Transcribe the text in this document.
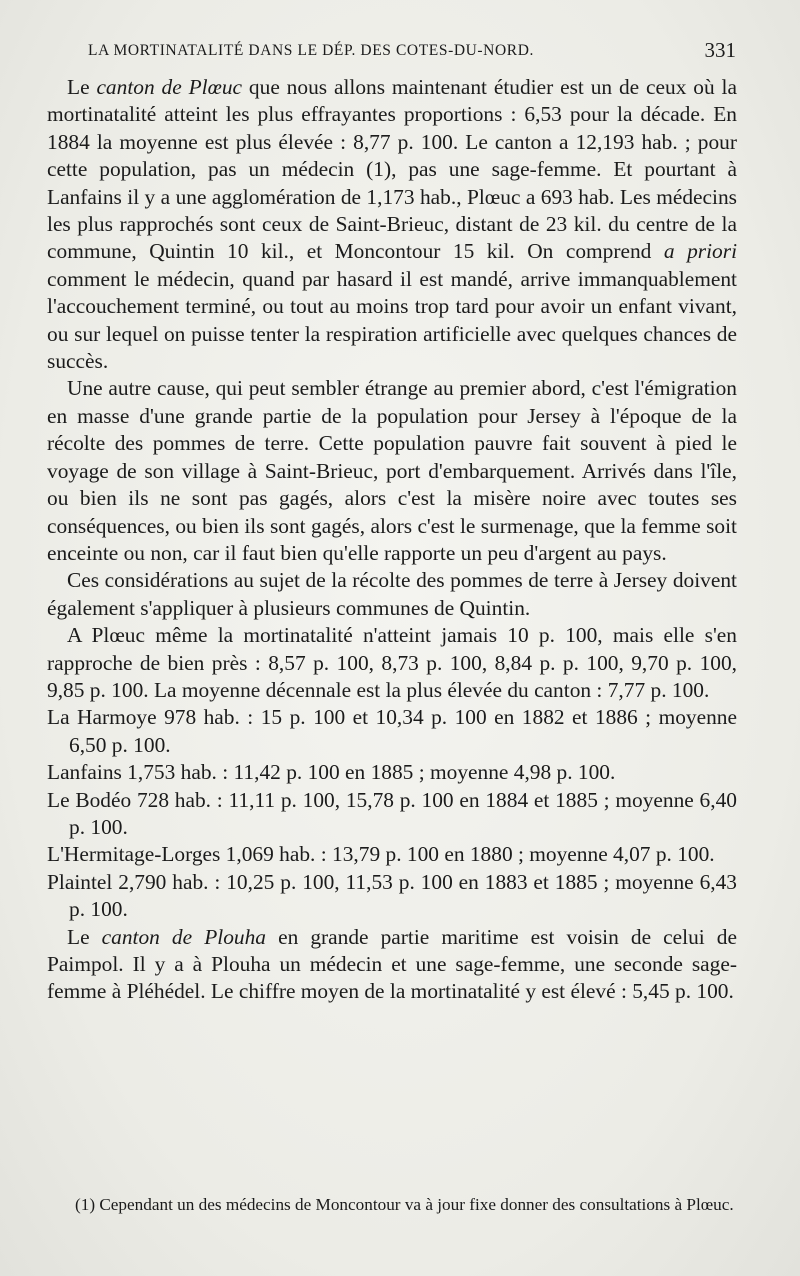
LA MORTINATALITÉ DANS LE DÉP. DES COTES-DU-NORD.	331

Le canton de Plœuc que nous allons maintenant étudier est un de ceux où la mortinatalité atteint les plus effrayantes proportions : 6,53 pour la décade. En 1884 la moyenne est plus élevée : 8,77 p. 100. Le canton a 12,193 hab. ; pour cette population, pas un médecin (1), pas une sage-femme. Et pourtant à Lanfains il y a une agglomération de 1,173 hab., Plœuc a 693 hab. Les médecins les plus rapprochés sont ceux de Saint-Brieuc, distant de 23 kil. du centre de la commune, Quintin 10 kil., et Moncontour 15 kil. On comprend a priori comment le médecin, quand par hasard il est mandé, arrive immanquablement l'accouchement terminé, ou tout au moins trop tard pour avoir un enfant vivant, ou sur lequel on puisse tenter la respiration artificielle avec quelques chances de succès.

Une autre cause, qui peut sembler étrange au premier abord, c'est l'émigration en masse d'une grande partie de la population pour Jersey à l'époque de la récolte des pommes de terre. Cette population pauvre fait souvent à pied le voyage de son village à Saint-Brieuc, port d'embarquement. Arrivés dans l'île, ou bien ils ne sont pas gagés, alors c'est la misère noire avec toutes ses conséquences, ou bien ils sont gagés, alors c'est le surmenage, que la femme soit enceinte ou non, car il faut bien qu'elle rapporte un peu d'argent au pays.

Ces considérations au sujet de la récolte des pommes de terre à Jersey doivent également s'appliquer à plusieurs communes de Quintin.

A Plœuc même la mortinatalité n'atteint jamais 10 p. 100, mais elle s'en rapproche de bien près : 8,57 p. 100, 8,73 p. 100, 8,84 p. p. 100, 9,70 p. 100, 9,85 p. 100. La moyenne décennale est la plus élevée du canton : 7,77 p. 100.

La Harmoye 978 hab. : 15 p. 100 et 10,34 p. 100 en 1882 et 1886 ; moyenne 6,50 p. 100.

Lanfains 1,753 hab. : 11,42 p. 100 en 1885 ; moyenne 4,98 p. 100.

Le Bodéo 728 hab. : 11,11 p. 100, 15,78 p. 100 en 1884 et 1885 ; moyenne 6,40 p. 100.

L'Hermitage-Lorges 1,069 hab. : 13,79 p. 100 en 1880 ; moyenne 4,07 p. 100.

Plaintel 2,790 hab. : 10,25 p. 100, 11,53 p. 100 en 1883 et 1885 ; moyenne 6,43 p. 100.

Le canton de Plouha en grande partie maritime est voisin de celui de Paimpol. Il y a à Plouha un médecin et une sage-femme, une seconde sage-femme à Pléhédel. Le chiffre moyen de la mortinatalité y est élevé : 5,45 p. 100.

(1) Cependant un des médecins de Moncontour va à jour fixe donner des consultations à Plœuc.
